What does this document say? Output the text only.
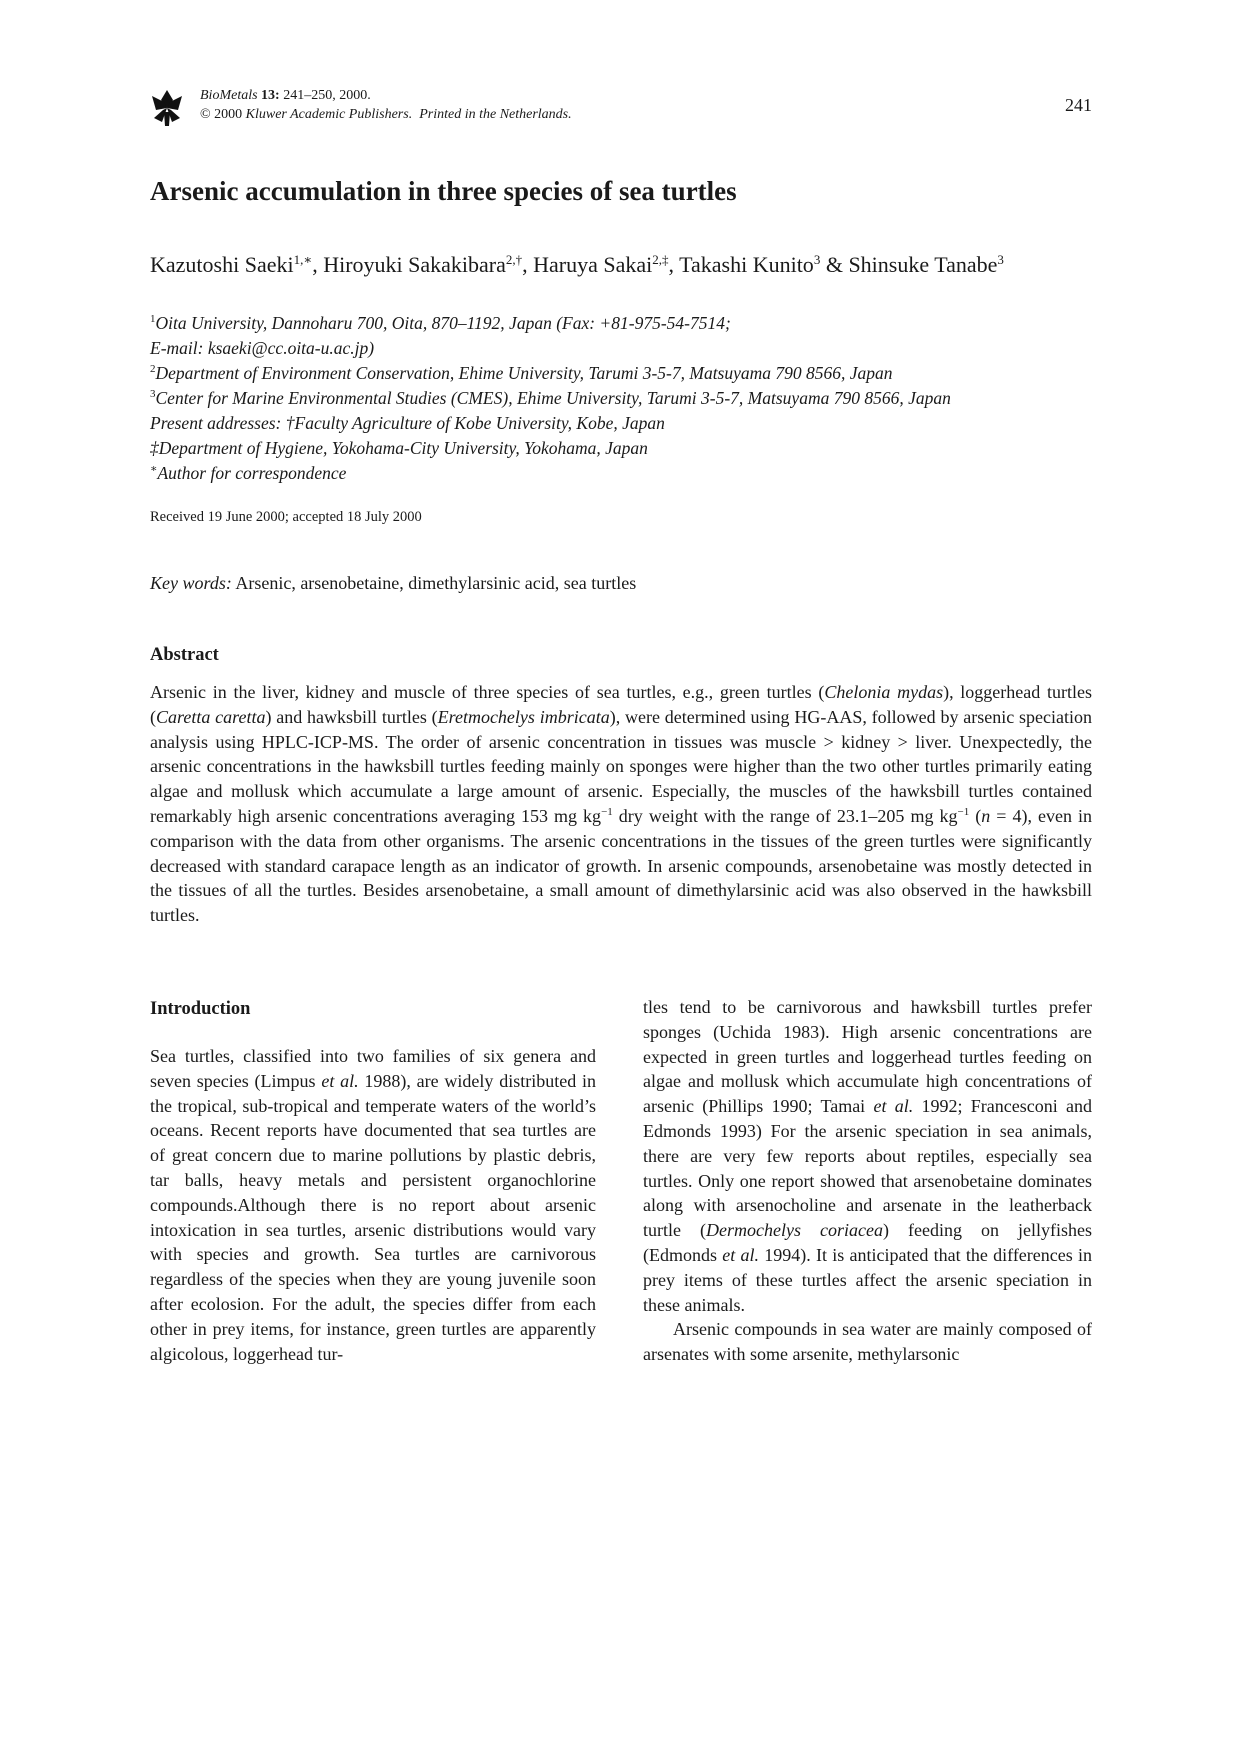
BioMetals 13: 241–250, 2000.
© 2000 Kluwer Academic Publishers. Printed in the Netherlands.	241
Arsenic accumulation in three species of sea turtles
Kazutoshi Saeki$^{1,∗}$, Hiroyuki Sakakibara$^{2,\dagger}$, Haruya Sakai$^{2,\ddagger}$, Takashi Kunito$^3$ & Shinsuke Tanabe$^3$
$^1$Oita University, Dannoharu 700, Oita, 870–1192, Japan (Fax: +81-975-54-7514;
E-mail: ksaeki@cc.oita-u.ac.jp)
$^2$Department of Environment Conservation, Ehime University, Tarumi 3-5-7, Matsuyama 790 8566, Japan
$^3$Center for Marine Environmental Studies (CMES), Ehime University, Tarumi 3-5-7, Matsuyama 790 8566, Japan
Present addresses: †Faculty Agriculture of Kobe University, Kobe, Japan
‡Department of Hygiene, Yokohama-City University, Yokohama, Japan
∗Author for correspondence
Received 19 June 2000; accepted 18 July 2000
Key words: Arsenic, arsenobetaine, dimethylarsinic acid, sea turtles
Abstract

Arsenic in the liver, kidney and muscle of three species of sea turtles, e.g., green turtles (Chelonia mydas), loggerhead turtles (Caretta caretta) and hawksbill turtles (Eretmochelys imbricata), were determined using HG-AAS, followed by arsenic speciation analysis using HPLC-ICP-MS. The order of arsenic concentration in tissues was muscle > kidney > liver. Unexpectedly, the arsenic concentrations in the hawksbill turtles feeding mainly on sponges were higher than the two other turtles primarily eating algae and mollusk which accumulate a large amount of arsenic. Especially, the muscles of the hawksbill turtles contained remarkably high arsenic concentrations averaging 153 mg $kg^{-1}$ dry weight with the range of 23.1–205 mg $kg^{-1}$ (n = 4), even in comparison with the data from other organisms. The arsenic concentrations in the tissues of the green turtles were significantly decreased with standard carapace length as an indicator of growth. In arsenic compounds, arsenobetaine was mostly detected in the tissues of all the turtles. Besides arsenobetaine, a small amount of dimethylarsinic acid was also observed in the hawksbill turtles.

Introduction

Sea turtles, classified into two families of six genera and seven species (Limpus et al. 1988), are widely distributed in the tropical, sub-tropical and temperate waters of the world’s oceans. Recent reports have documented that sea turtles are of great concern due to marine pollutions by plastic debris, tar balls, heavy metals and persistent organochlorine compounds.Although there is no report about arsenic intoxication in sea turtles, arsenic distributions would vary with species and growth. Sea turtles are carnivorous regardless of the species when they are young juvenile soon after ecolosion. For the adult, the species differ from each other in prey items, for instance, green turtles are apparently algicolous, loggerhead tur-

tles tend to be carnivorous and hawksbill turtles prefer sponges (Uchida 1983). High arsenic concentrations are expected in green turtles and loggerhead turtles feeding on algae and mollusk which accumulate high concentrations of arsenic (Phillips 1990; Tamai et al. 1992; Francesconi and Edmonds 1993) For the arsenic speciation in sea animals, there are very few reports about reptiles, especially sea turtles. Only one report showed that arsenobetaine dominates along with arsenocholine and arsenate in the leatherback turtle (Dermochelys coriacea) feeding on jellyfishes (Edmonds et al. 1994). It is anticipated that the differences in prey items of these turtles affect the arsenic speciation in these animals.

Arsenic compounds in sea water are mainly composed of arsenates with some arsenite, methylarsonic
